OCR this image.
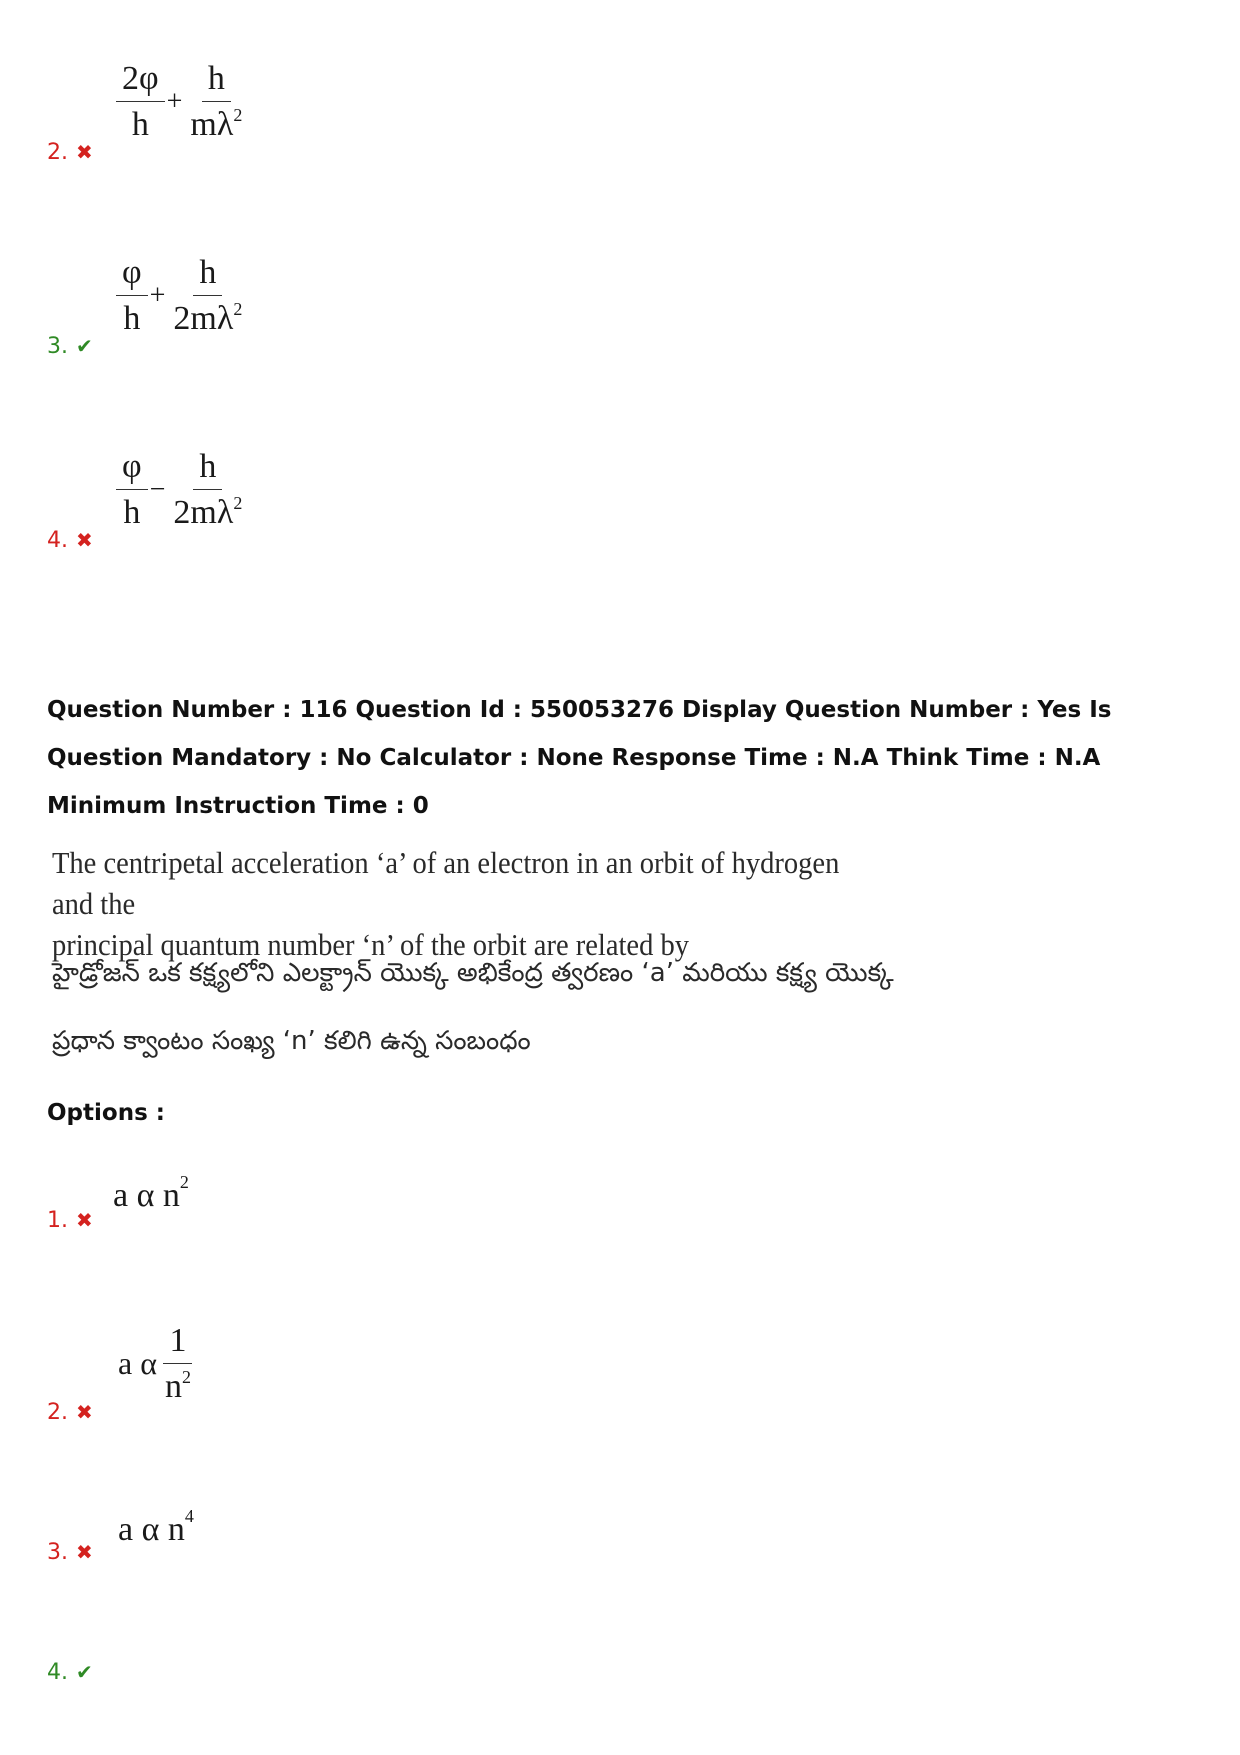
2. ✖
$\frac{2\varphi}{h} + \frac{h}{m\lambda^2}$
3. ✔
$\frac{\varphi}{h} + \frac{h}{2m\lambda^2}$
4. ✖
$\frac{\varphi}{h} - \frac{h}{2m\lambda^2}$
Question Number : 116 Question Id : 550053276 Display Question Number : Yes Is Question Mandatory : No Calculator : None Response Time : N.A Think Time : N.A Minimum Instruction Time : 0
The centripetal acceleration ‘a’ of an electron in an orbit of hydrogen and the
principal quantum number ‘n’ of the orbit are related by
హైడ్రోజన్ ఒక కక్ష్యలోని ఎలక్ట్రాన్ యొక్క అభికేంద్ర త్వరణం ‘a’ మరియు కక్ష్య యొక్క
ప్రధాన క్వాంటం సంఖ్య ‘n’ కలిగి ఉన్న సంబంధం
Options :
1. ✖
a α $n^2$
2. ✖
a α $\frac{1}{n^2}$
3. ✖
a α $n^4$
4. ✔
